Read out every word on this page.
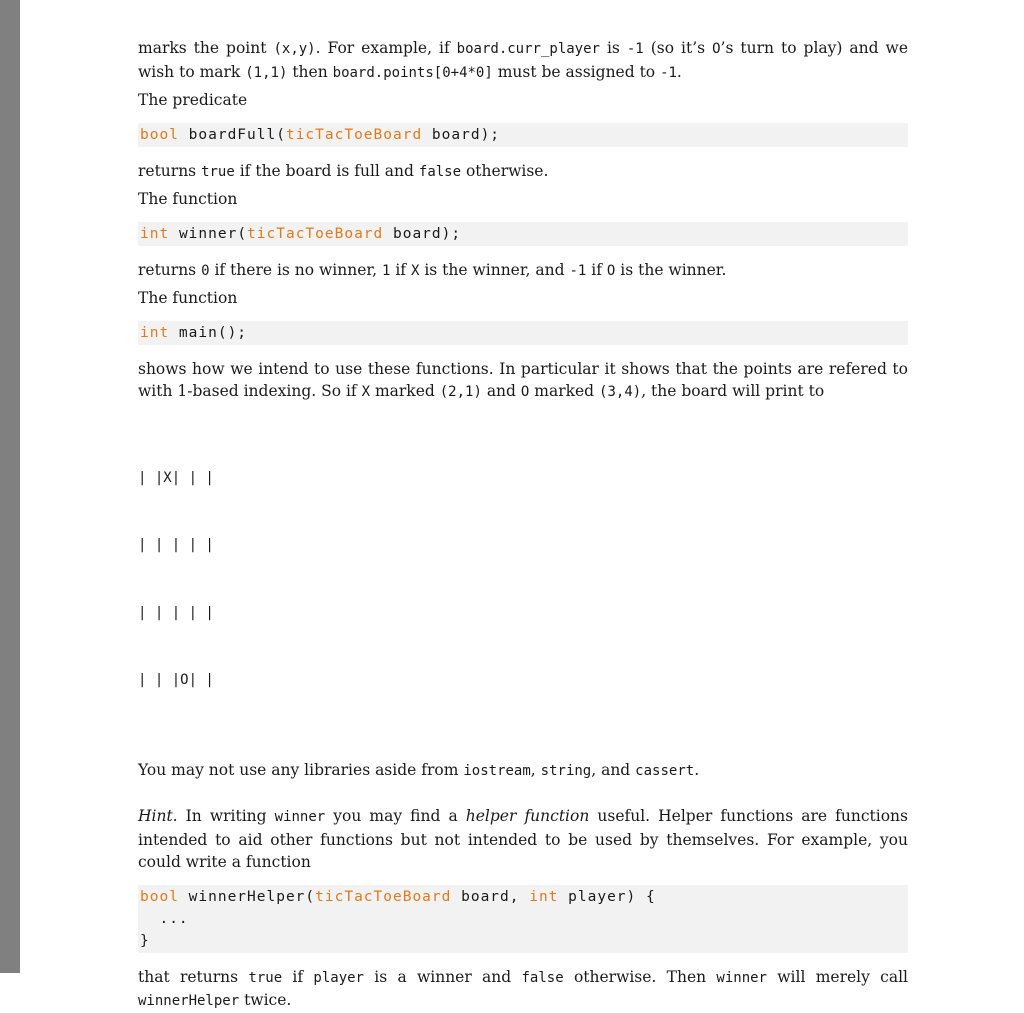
marks the point (x,y). For example, if board.curr_player is -1 (so it’s O’s turn to play) and we wish to mark (1,1) then board.points[0+4*0] must be assigned to -1.

The predicate

bool boardFull(ticTacToeBoard board);

returns true if the board is full and false otherwise.

The function

int winner(ticTacToeBoard board);

returns 0 if there is no winner, 1 if X is the winner, and -1 if O is the winner.

The function

int main();

shows how we intend to use these functions. In particular it shows that the points are refered to with 1-based indexing. So if X marked (2,1) and O marked (3,4), the board will print to

| |X| | |

| | | | |

| | | | |

| | |O| |

You may not use any libraries aside from iostream, string, and cassert.

Hint. In writing winner you may find a helper function useful. Helper functions are functions intended to aid other functions but not intended to be used by themselves. For example, you could write a function

bool winnerHelper(ticTacToeBoard board, int player) {
...
}

that returns true if player is a winner and false otherwise. Then winner will merely call winnerHelper twice.
